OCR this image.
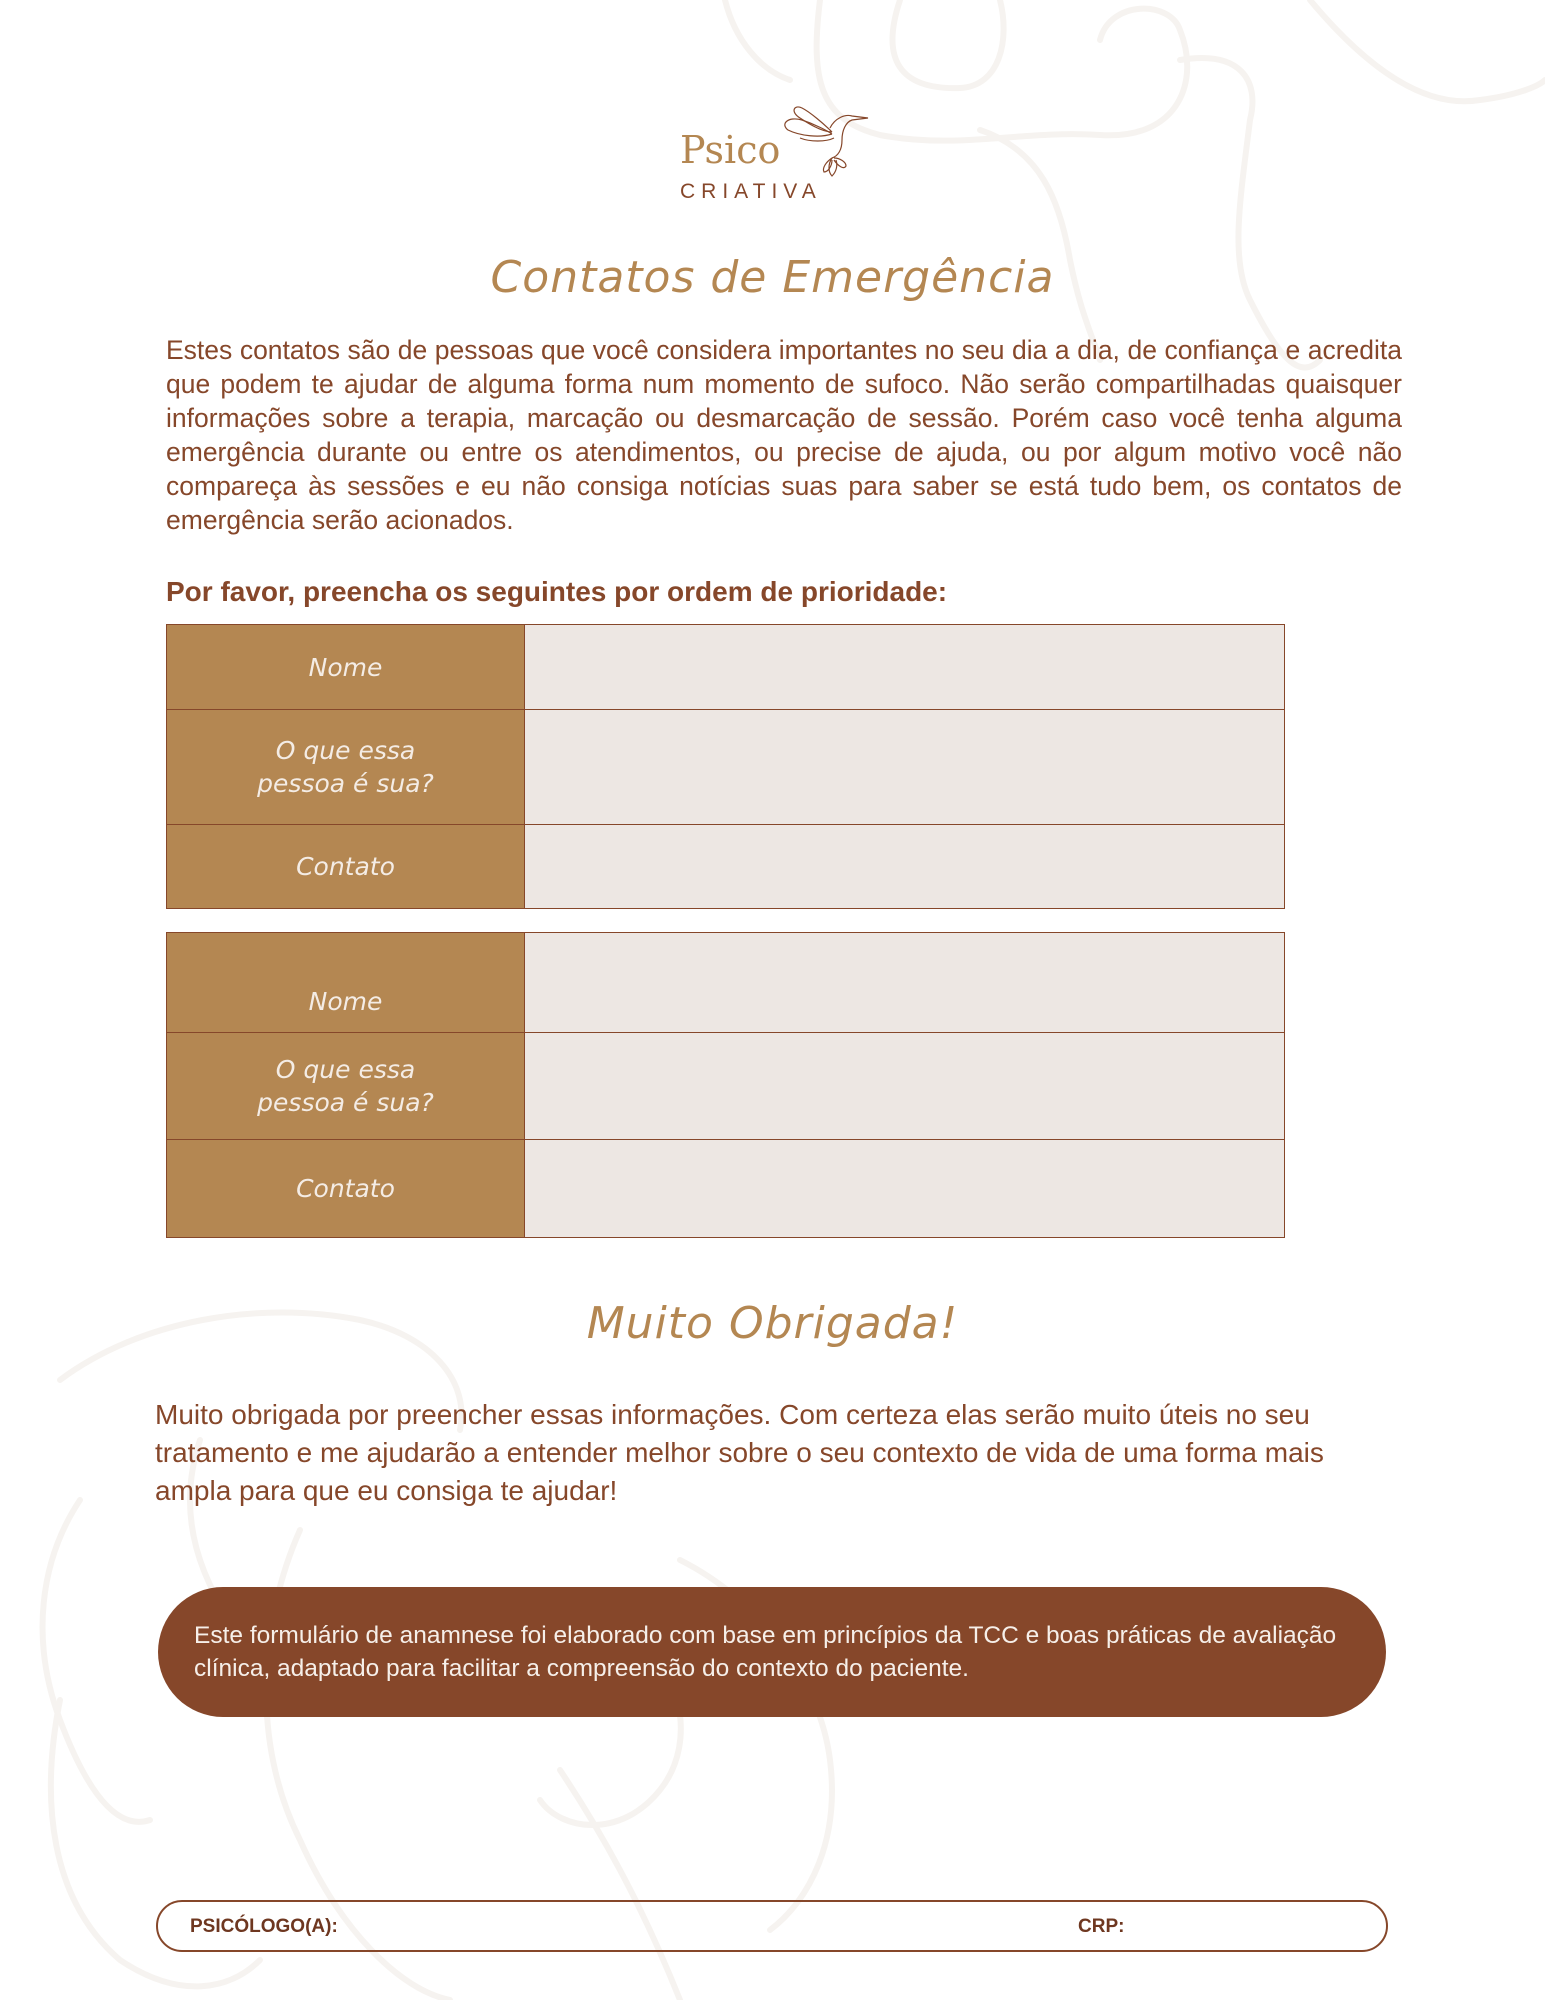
Psico
CRIATIVA
Contatos de Emergência
Estes contatos são de pessoas que você considera importantes no seu dia a dia, de confiança e acredita que podem te ajudar de alguma forma num momento de sufoco. Não serão compartilhadas quaisquer informações sobre a terapia, marcação ou desmarcação de sessão. Porém caso você tenha alguma emergência durante ou entre os atendimentos, ou precise de ajuda, ou por algum motivo você não compareça às sessões e eu não consiga notícias suas para saber se está tudo bem, os contatos de emergência serão acionados.
Por favor, preencha os seguintes por ordem de prioridade:
Nome
O que essa pessoa é sua?
Contato
Nome
O que essa pessoa é sua?
Contato
Muito Obrigada!
Muito obrigada por preencher essas informações. Com certeza elas serão muito úteis no seu tratamento e me ajudarão a entender melhor sobre o seu contexto de vida de uma forma mais ampla para que eu consiga te ajudar!
Este formulário de anamnese foi elaborado com base em princípios da TCC e boas práticas de avaliação clínica, adaptado para facilitar a compreensão do contexto do paciente.
PSICÓLOGO(A):	CRP:
